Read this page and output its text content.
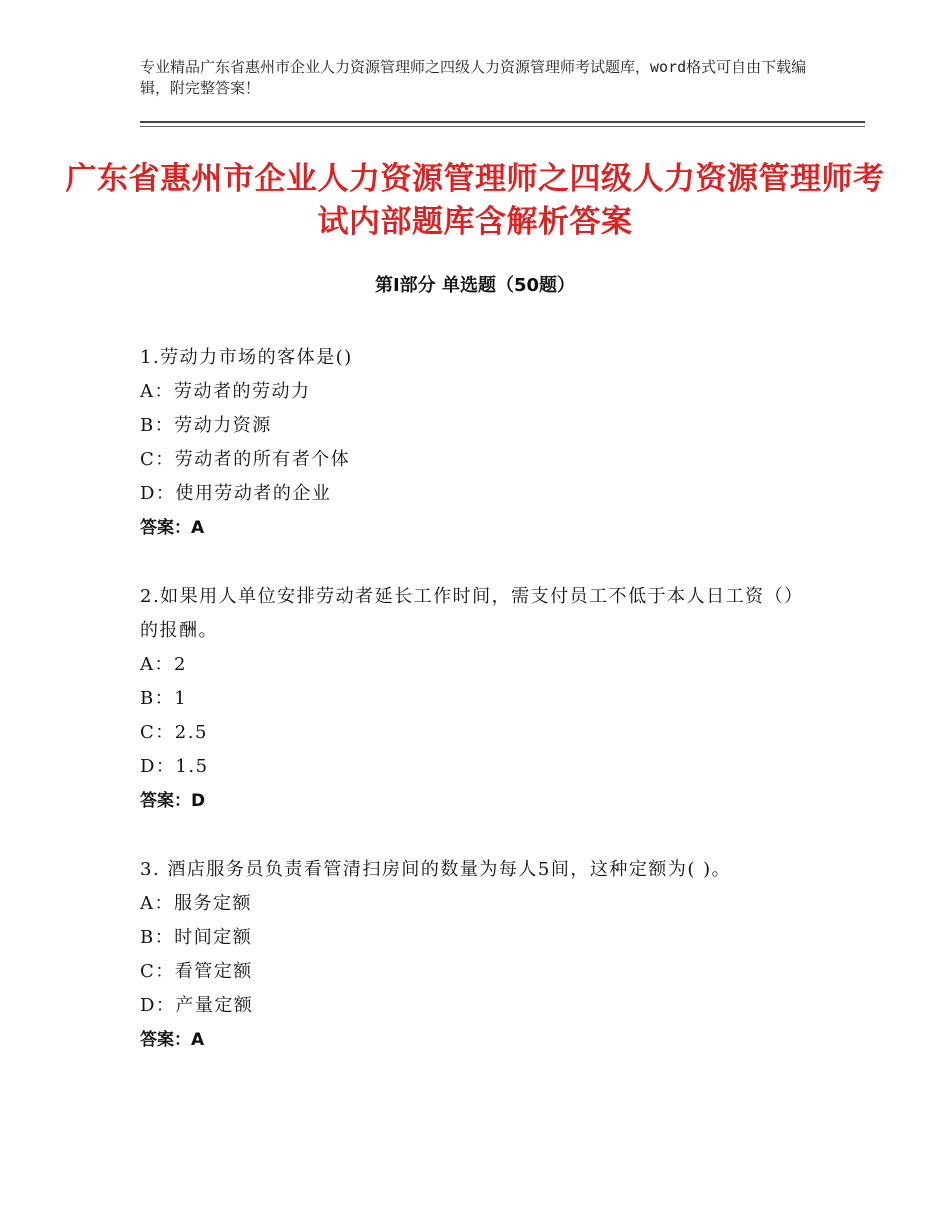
专业精品广东省惠州市企业人力资源管理师之四级人力资源管理师考试题库，word格式可自由下载编辑，附完整答案！

广东省惠州市企业人力资源管理师之四级人力资源管理师考试内部题库含解析答案
第Ⅰ部分 单选题（50题）

1.劳动力市场的客体是()

A：劳动者的劳动力

B：劳动力资源

C：劳动者的所有者个体

D：使用劳动者的企业

答案：A

2.如果用人单位安排劳动者延长工作时间，需支付员工不低于本人日工资（）的报酬。

A：2

B：1

C：2.5

D：1.5

答案：D

3. 酒店服务员负责看管清扫房间的数量为每人5间，这种定额为( )。

A：服务定额

B：时间定额

C：看管定额

D：产量定额

答案：A
